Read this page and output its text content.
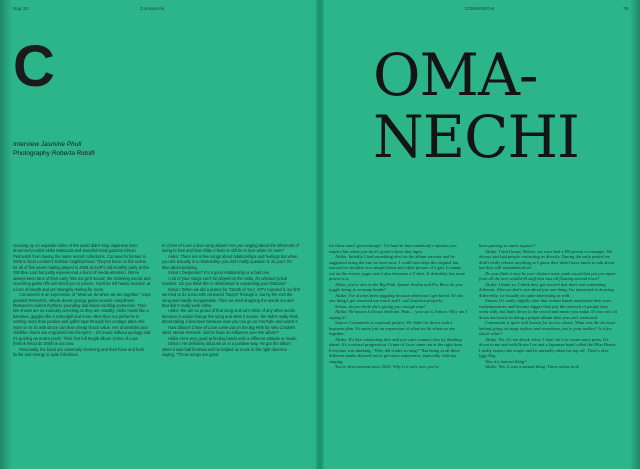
Sup 22	Comanechi
C
Interview Jasmine Phull
Photography Roberta Ridolfi

Growing up on separate sides of the world didn't stop Japanese-born drummer/vocalist Akiko Matsuura and Swedish-bred guitarist Simon Petrovitch from having the same record collections. Comanechi formed in 2005 in East London's Dalston neighborhood. They've been on the scene for all of five years making played in 2008 at SUP's old monthly party at the Old Blue Last but justly experienced a burst of media attention. We've always been fans of their early '80s riot grrrl sound; the shrieking vocals and crunching guitar riffs will shred you to pieces. You'll be left heavy-hearted, at a loss of breath and yet strangely reeling for more.

Comanechi is an expression of "what we do when we are together," says guitarist Petrovitch, whose dense grungy guitar sounds compliment Matsuura's violent rhythmic pounding and blood-curdling screeches. Their live shows are as sonically arresting as they are visually; Akiko howls like a banshee, giggles like a schoolgirl and more often than not performs in nothing more than panties and gaffer tape through her onstage attire she wore on to do with Bruce can than cheap shock value. Her drumsticks and childlike charm are engrained into the lyrics – it's music without apology and it's guiding an errant youth. Their first full-length album Crime of Love (Merok Records 2009) is out now.

Personally, the band are extremely charming and their have and both fanfar and energy is quite infectious.

Is Crime of Love a love song album? Are you singing about the aftermath of being in love and how shitty it feels to still be in love when it's over?

Akiko: There are a few songs about relationships and feelings but when you are actually in a relationship you don't really question it, do you? It's also about partying.

Simon: Desperate? It's a good relationship or a bad one.

A lot of your songs can't be played on the radio, for obvious lyrical reasons. Do you think this is detrimental to expanding your fanbase?

Simon: When we did a promo for "Death of You", MTV rejected it. So first we tried to do a mix with censored "beeps" through it, but by the end the song was hardly recognisable. Then we tried dropping the words out and that didn't really work either.

Akiko: We are so proud of that song and can't think of any other words because it would change the song and what it means. We didn't really think about taking a few bees because now you can go on YouTube and watch it.

How albums Crime of Love came out on the Big Pink for Milo Cordell's label, Merok Records. Did he have an influence over the album?

Akiko: He's very good at finding bands with a different attitude or music.

Simon: He definitely did push us in a positive way. He got the album when it was half finished and he helped us move in the right direction saying, "These songs are great

COMANECHI	75
OMA-
NECHI

for these aren't good enough." It's hard to find somebody's opinion you respect but when you do it's good to have that input.

Akiko: Initially I had something else for the album artwork and he suggested using the one we have now. I could have kept the original but instead we decided on a simple black and white picture of a girl. It stands out on the review pages and it also becomes a T-shirt. It definitely has more power to it.

Akiko, you're also in the Big Pink. Spume Arabia and Pro Blow do you juggle being in so many bands?

Akiko: I've always been juggling because otherwise I get bored. It's the one thing I get obsessed too much and I can't function properly.

Simon, do you think she's giving you enough time?

Akiko: He knows I always dedicate. Wait… you say it, Simon. Why am I saying it?

Simon: Comanechi is a natural project. We didn't sit down with a business plan. It's more just an expression of what we do when we are together.

Akiko: It's like connecting dots and you can't connect dots by thinking ahead. It's a natural progression. Crime of Love came out at the right time. Everyone was thinking, "Why did it take so long?" But being in all these different bands allowed me to get more experience, especially with my singing.

You've been around since 2005. Why is it only now you've

been gaining so much support?

Akiko: I don't know. Before, we were had a PR person or manager. We always just had people contacting us directly. During the early period we didn't really release anything so I guess they didn't have much to talk about but they still remembered us!

Do you think it may be your distinct noise punk sound that put you apart from all the new vanilla-ill stuff that was all floating around town?

Akiko: I think so. I think they got excited that there was something different. Also we don't care about just one thing. I'm interested in drawing differently, so visually it's quite interesting as well.

Simon: It's really slightly later that certain bands mentioned their own contemporaries and become bigger than just the network of people they work with, but that's down to the record and music you make. If you can't sit down and work on doing a proper album then you can't transcend.

Comanechi is quite well known for its live shows. What was the decision behind going on stage topless and sometimes just in your undies? Is it for shock value?

Akiko: No, it's not shock value. I don't do it to create more press. It's down to me and with Bruce Lee and a Japanese band called the Blue Hearts. I really respect the singer and he normally takes his top off. There's also Iggy Pop.

Was it a natural thing?

Akiko: Yes, it was a natural thing. These artists look
